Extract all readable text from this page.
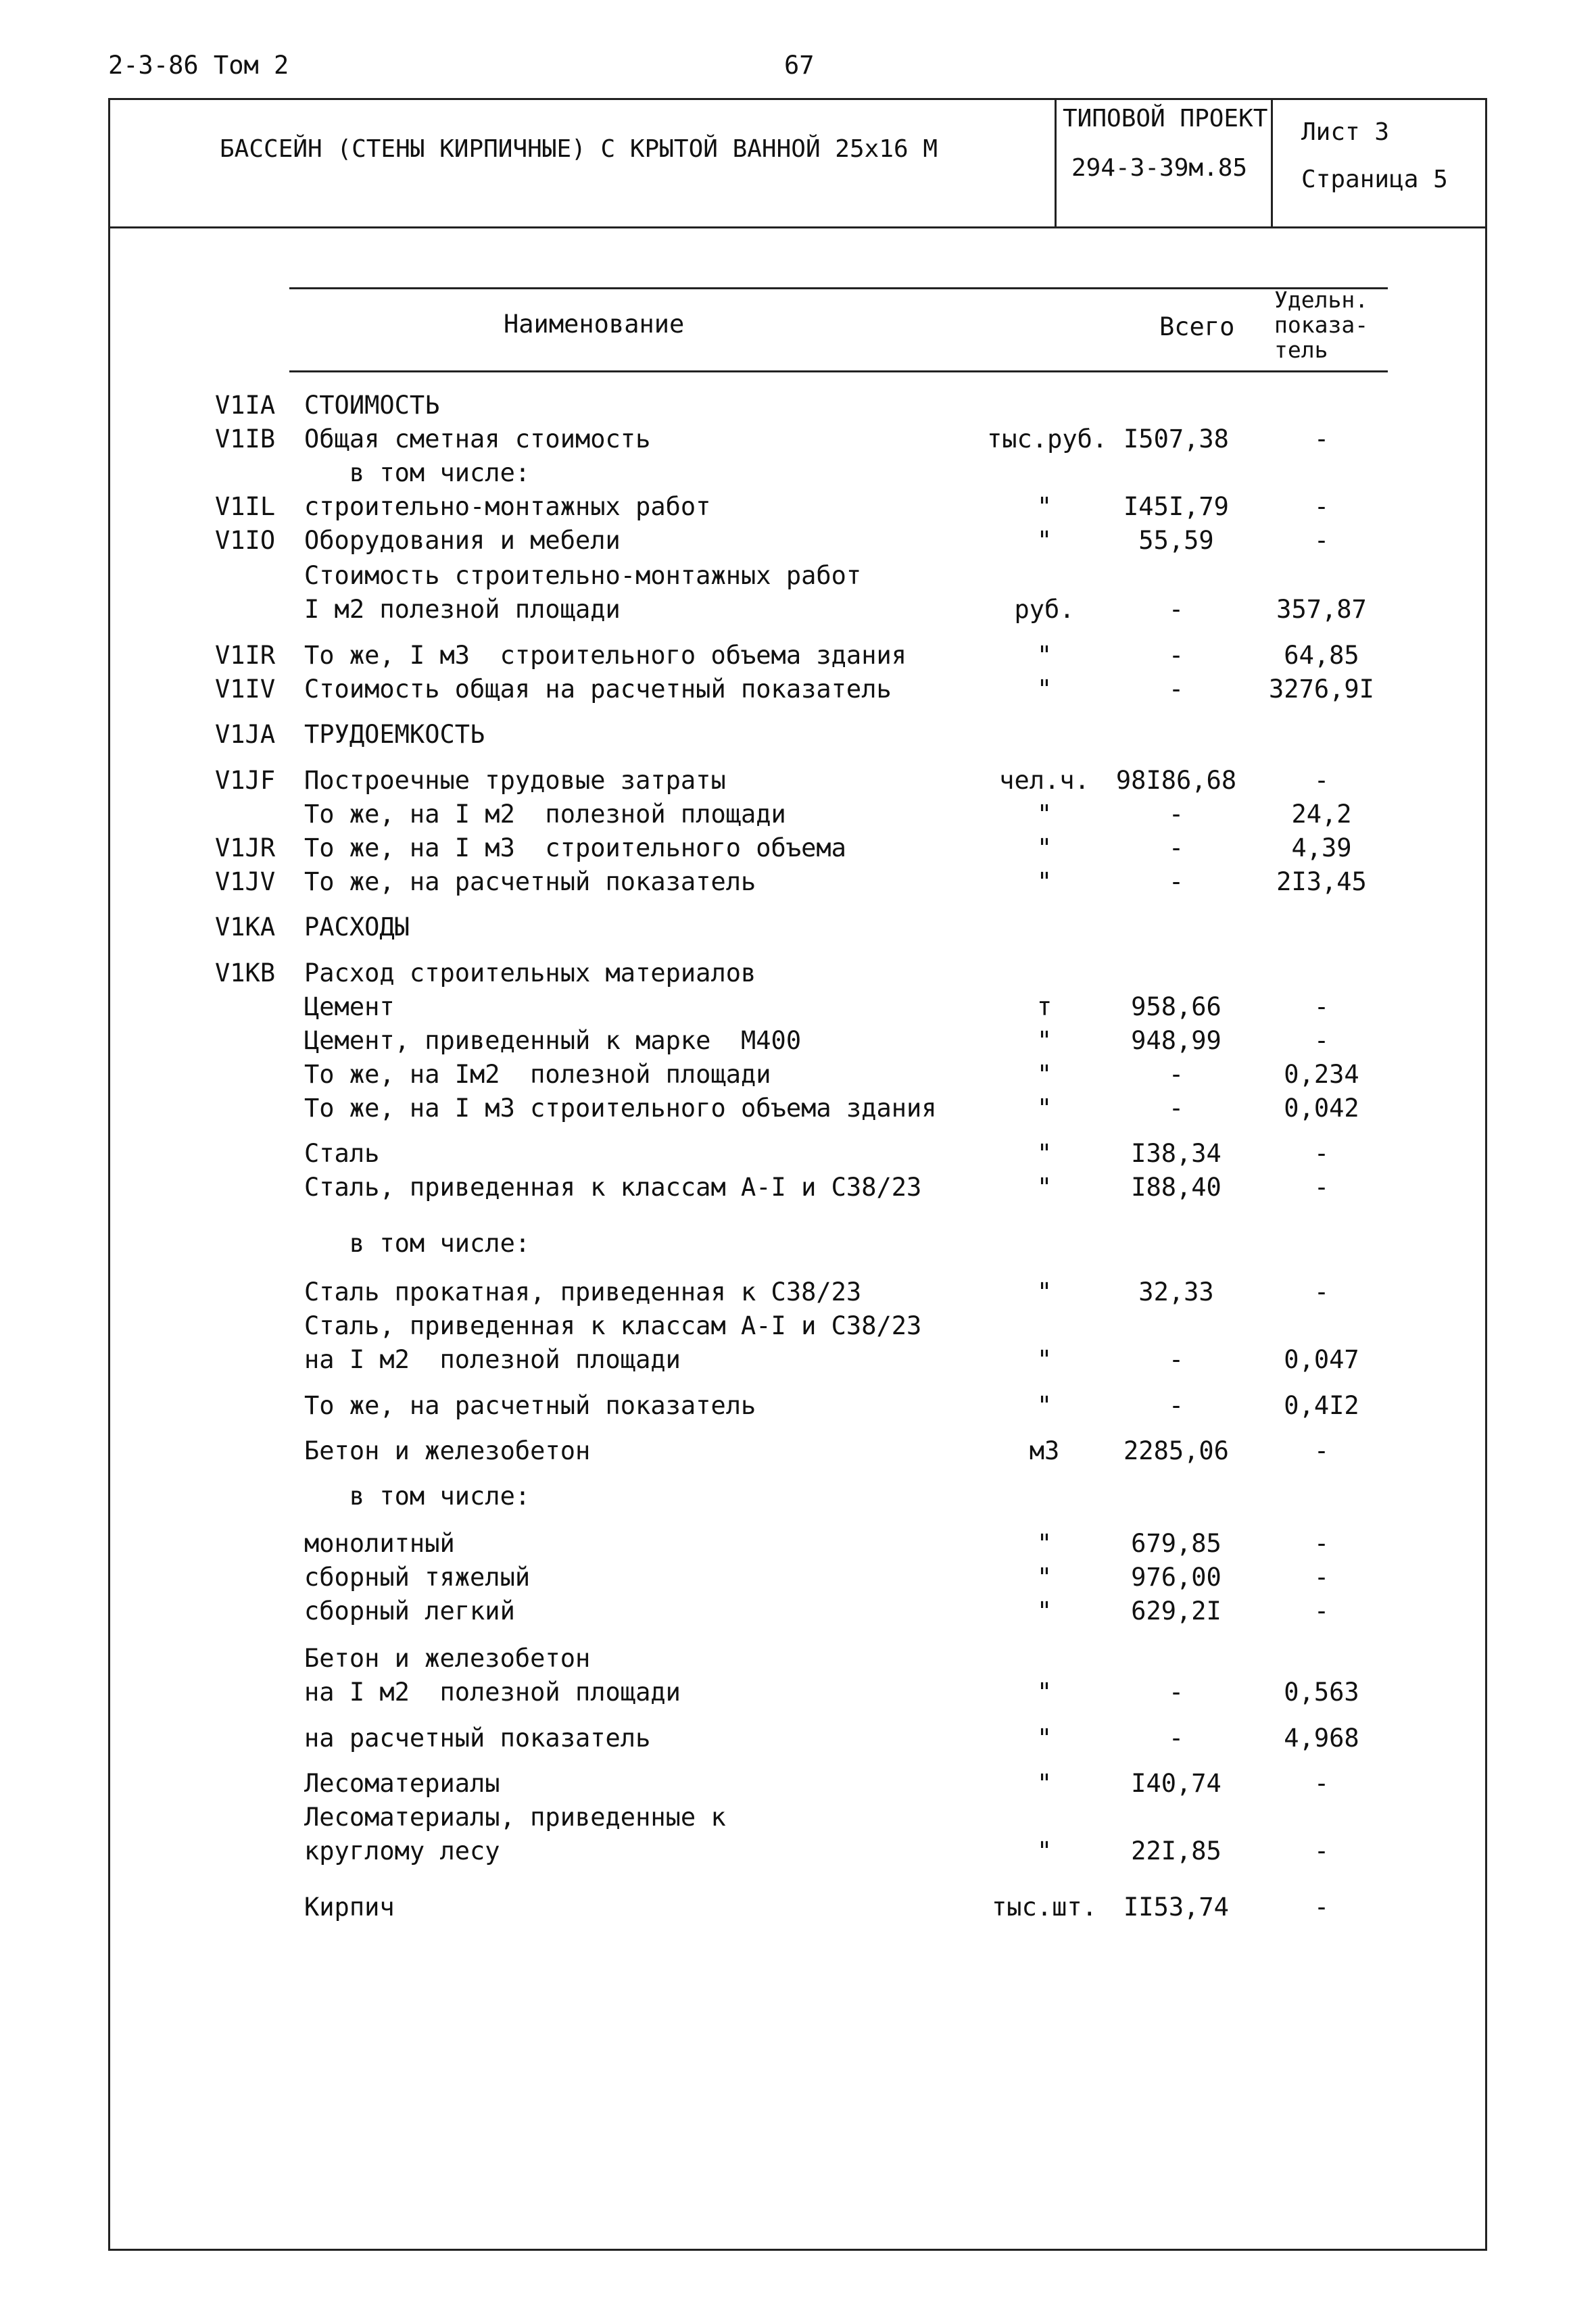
2-3-86 Том 2	67
БАССЕЙН (СТЕНЫ КИРПИЧНЫЕ) С КРЫТОЙ ВАННОЙ 25х16 М
ТИПОВОЙ ПРОЕКТ
294-3-39м.85
Лист 3
Страница 5
Наименование	Всего
Удельн.
показа-
тель
V1IA СТОИМОСТЬ
V1IB Общая сметная стоимость	тыс.руб. I507,38	-
в том числе:
V1IL строительно-монтажных работ	"	I45I,79	-
V1IO Оборудования и мебели	"	55,59	-
Стоимость строительно-монтажных работ
I м2 полезной площади	руб.	-	357,87
V1IR То же, I м3  строительного объема здания	"	-	64,85
V1IV Стоимость общая на расчетный показатель	"	-	3276,9I
V1JA ТРУДОЕМКОСТЬ
V1JF Построечные трудовые затраты	чел.ч.	98I86,68	-
То же, на I м2  полезной площади	"	-	24,2
V1JR То же, на I м3  строительного объема	"	-	4,39
V1JV То же, на расчетный показатель	"	-	2I3,45
V1KA РАСХОДЫ
V1KB Расход строительных материалов
Цемент	т	958,66	-
Цемент, приведенный к марке  М400	"	948,99	-
То же, на Iм2  полезной площади	"	-	0,234
То же, на I м3 строительного объема здания	"	-	0,042
Сталь	"	I38,34	-
Сталь, приведенная к классам А-I и С38/23	"	I88,40	-
в том числе:
Сталь прокатная, приведенная к С38/23	"	32,33	-
Сталь, приведенная к классам А-I и С38/23
на I м2  полезной площади	"	-	0,047
То же, на расчетный показатель	"	-	0,4I2
Бетон и железобетон	м3	2285,06	-
в том числе:
монолитный	"	679,85	-
сборный тяжелый	"	976,00	-
сборный легкий	"	629,2I	-
Бетон и железобетон
на I м2  полезной площади	"	-	0,563
на расчетный показатель	"	-	4,968
Лесоматериалы	"	I40,74	-
Лесоматериалы, приведенные к
круглому лесу	"	22I,85	-
Кирпич	тыс.шт.	II53,74	-
